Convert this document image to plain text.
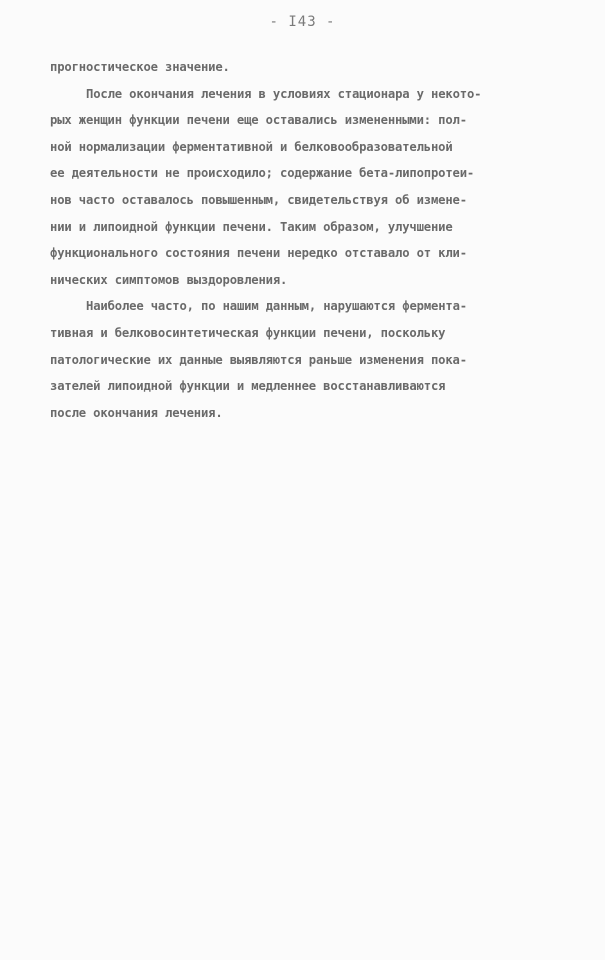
- I43 -
прогностическое значение.
После окончания лечения в условиях стационара у некото-
рых женщин функции печени еще оставались измененными: пол-
ной нормализации ферментативной и белковообразовательной
ее деятельности не происходило; содержание бета-липопротеи-
нов часто оставалось повышенным, свидетельствуя об измене-
нии и липоидной функции печени. Таким образом, улучшение
функционального состояния печени нередко отставало от кли-
нических симптомов выздоровления.
Наиболее часто, по нашим данным, нарушаются фермента-
тивная и белковосинтетическая функции печени, поскольку
патологические их данные выявляются раньше изменения пока-
зателей липоидной функции и медленнее восстанавливаются
после окончания лечения.
